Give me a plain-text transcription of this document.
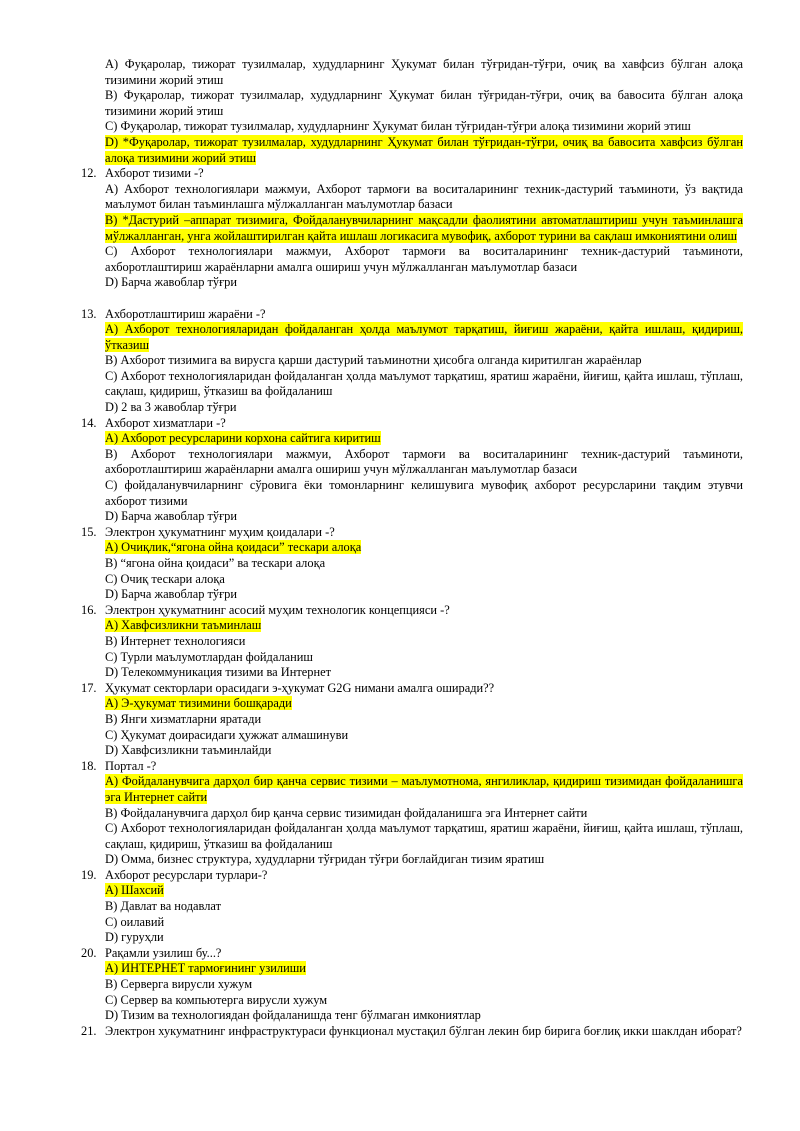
A) Фуқаролар, тижорат тузилмалар, худудларнинг Ҳукумат билан тўғридан-тўғри, очиқ ва хавфсиз бўлган алоқа тизимини жорий этиш

B) Фуқаролар, тижорат тузилмалар, худудларнинг Ҳукумат билан тўғридан-тўғри, очиқ ва бавосита бўлган алоқа тизимини жорий этиш

C) Фуқаролар, тижорат тузилмалар, худудларнинг Ҳукумат билан тўғридан-тўғри алоқа тизимини жорий этиш

D) *Фуқаролар, тижорат тузилмалар, худудларнинг Ҳукумат билан тўғридан-тўғри, очиқ ва бавосита хавфсиз бўлган алоқа тизимини жорий этиш

12. Ахборот тизими -?

A) Ахборот технологиялари мажмуи, Ахборот тармоғи ва воситаларининг техник-дастурий таъминоти, ўз вақтида маълумот билан таъминлашга мўлжалланган маълумотлар базаси

B) *Дастурий –аппарат тизимига, Фойдаланувчиларнинг мақсадли фаолиятини автоматлаштириш учун таъминлашга мўлжалланган, унга жойлаштирилган қайта ишлаш логикасига мувофиқ, ахборот турини ва сақлаш имкониятини олиш

C) Ахборот технологиялари мажмуи, Ахборот тармоғи ва воситаларининг техник-дастурий таъминоти, ахборотлаштириш жараёнларни амалга ошириш учун мўлжалланган маълумотлар базаси

D) Барча жавоблар тўғри

13. Ахборотлаштириш жараёни -?

A) Ахборот технологияларидан фойдаланган ҳолда маълумот тарқатиш, йиғиш жараёни, қайта ишлаш, қидириш, ўтказиш

B) Ахборот тизимига ва вирусга қарши дастурий таъминотни ҳисобга олганда киритилган жараёнлар

C) Ахборот технологияларидан фойдаланган ҳолда маълумот тарқатиш, яратиш жараёни, йиғиш, қайта ишлаш, тўплаш, сақлаш, қидириш, ўтказиш ва фойдаланиш

D) 2 ва 3 жавоблар тўғри

14. Ахборот хизматлари -?

A) Ахборот ресурсларини корхона сайтига киритиш

B) Ахборот технологиялари мажмуи, Ахборот тармоғи ва воситаларининг техник-дастурий таъминоти, ахборотлаштириш жараёнларни амалга ошириш учун мўлжалланган маълумотлар базаси

C) фойдаланувчиларнинг сўровига ёки томонларнинг келишувига мувофиқ ахборот ресурсларини тақдим этувчи ахборот тизими

D) Барча жавоблар тўғри

15. Электрон ҳукуматнинг муҳим қоидалари -?

A) Очиқлик,“ягона ойна қоидаси” тескари алоқа

B) “ягона ойна қоидаси” ва тескари алоқа

C) Очиқ тескари алоқа

D) Барча жавоблар тўғри

16. Электрон ҳукуматнинг асосий муҳим технологик концепцияси -?

A) Хавфсизликни таъминлаш

B) Интернет технологияси

C) Турли маълумотлардан фойдаланиш

D) Телекоммуникация тизими ва Интернет

17. Ҳукумат секторлари орасидаги э-ҳукумат G2G нимани амалга оширади??

A) Э-ҳукумат тизимини бошқаради

B) Янги хизматларни яратади

C) Ҳукумат доирасидаги ҳужжат алмашинуви

D) Хавфсизликни таъминлайди

18. Портал -?

A) Фойдаланувчига дарҳол бир қанча сервис тизими – маълумотнома, янгиликлар, қидириш тизимидан фойдаланишга эга Интернет сайти

B) Фойдаланувчига дарҳол бир қанча сервис тизимидан фойдаланишга эга Интернет сайти

C) Ахборот технологияларидан фойдаланган ҳолда маълумот тарқатиш, яратиш жараёни, йиғиш, қайта ишлаш, тўплаш, сақлаш, қидириш, ўтказиш ва фойдаланиш

D) Омма, бизнес структура, худудларни тўғридан тўғри боғлайдиган тизим яратиш

19. Ахборот ресурслари турлари-?

A) Шахсий

B) Давлат ва нодавлат

C) оилавий

D) гуруҳли

20. Рақамли узилиш бу...?

A) ИНТЕРНЕТ тармоғининг узилиши

B) Серверга вирусли хужум

C) Сервер ва компьютерга вирусли хужум

D) Тизим ва технологиядан фойдаланишда тенг бўлмаган имкониятлар

21. Электрон хукуматнинг инфраструктураси функционал мустақил бўлган лекин бир бирига боғлиқ икки шаклдан иборат?
